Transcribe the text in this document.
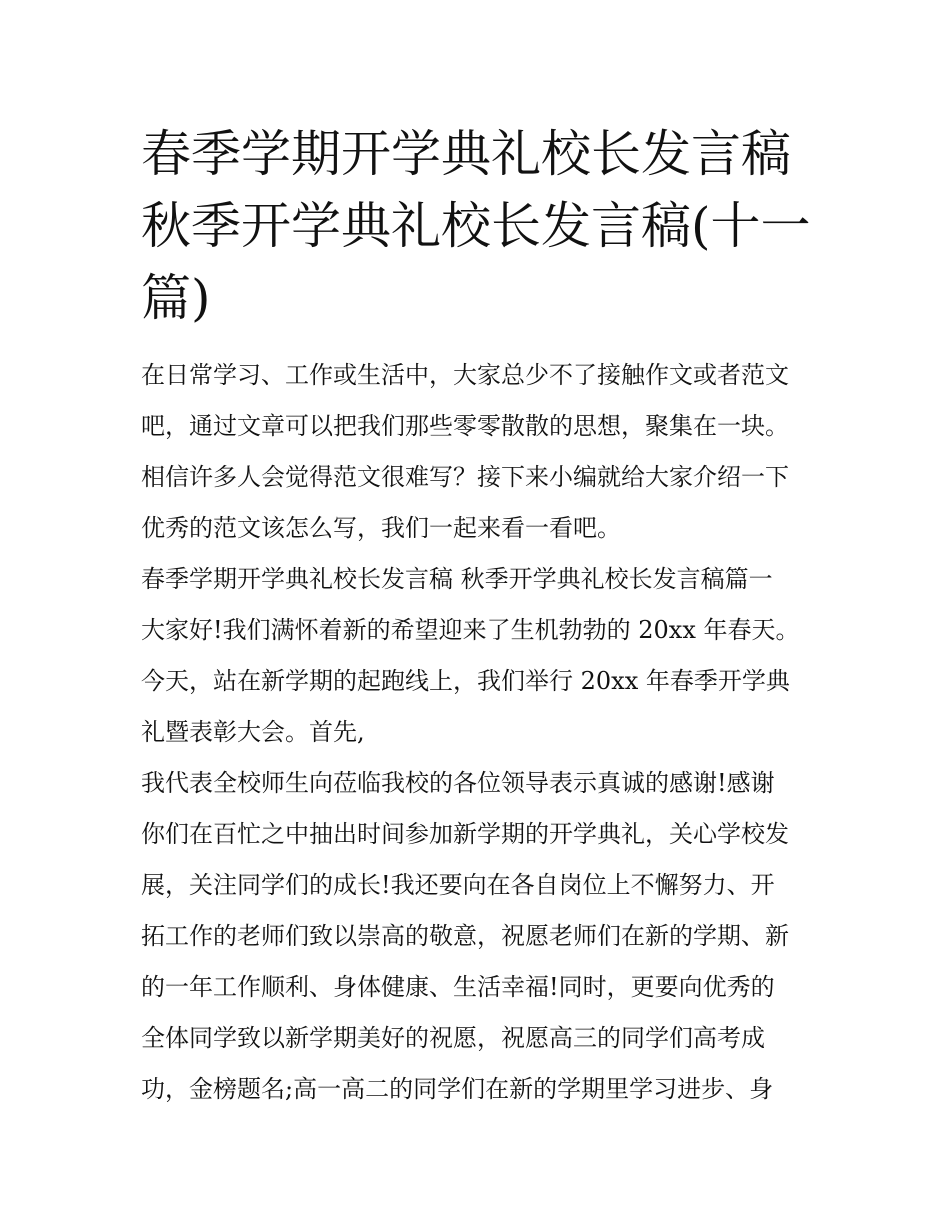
春季学期开学典礼校长发言稿
秋季开学典礼校长发言稿(十一
篇)
在日常学习、工作或生活中，大家总少不了接触作文或者范文
吧，通过文章可以把我们那些零零散散的思想，聚集在一块。
相信许多人会觉得范文很难写？接下来小编就给大家介绍一下
优秀的范文该怎么写，我们一起来看一看吧。
春季学期开学典礼校长发言稿 秋季开学典礼校长发言稿篇一
大家好!我们满怀着新的希望迎来了生机勃勃的 20xx 年春天。
今天，站在新学期的起跑线上，我们举行 20xx 年春季开学典
礼暨表彰大会。首先,
我代表全校师生向莅临我校的各位领导表示真诚的感谢!感谢
你们在百忙之中抽出时间参加新学期的开学典礼，关心学校发
展，关注同学们的成长!我还要向在各自岗位上不懈努力、开
拓工作的老师们致以崇高的敬意，祝愿老师们在新的学期、新
的一年工作顺利、身体健康、生活幸福!同时，更要向优秀的
全体同学致以新学期美好的祝愿，祝愿高三的同学们高考成
功，金榜题名;高一高二的同学们在新的学期里学习进步、身
